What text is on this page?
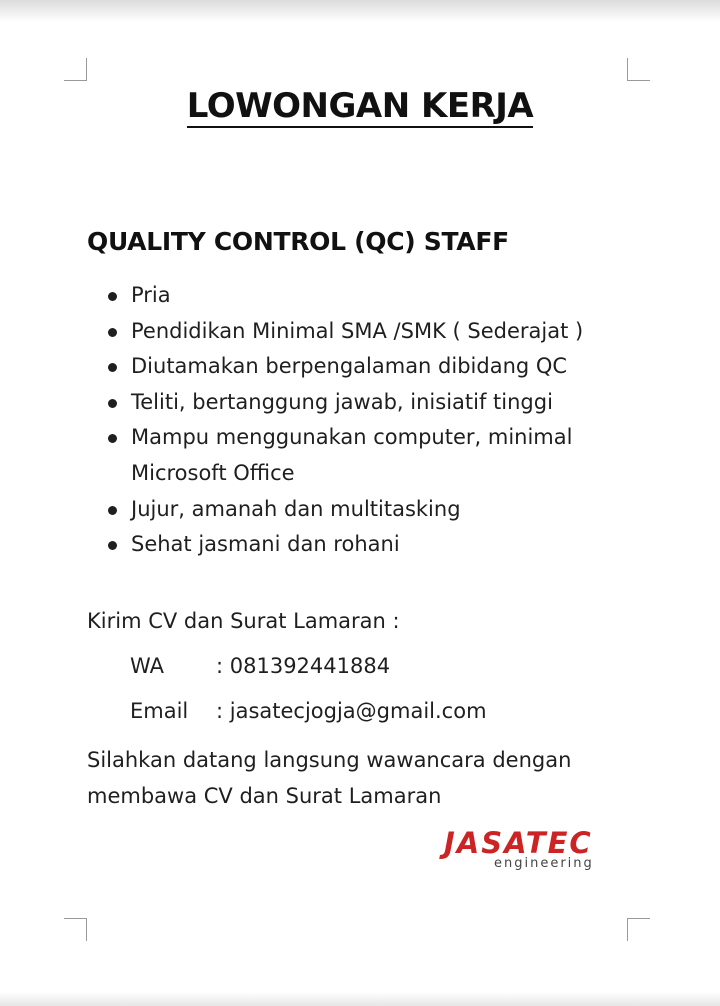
LOWONGAN KERJA
QUALITY CONTROL (QC) STAFF
Pria
Pendidikan Minimal SMA /SMK ( Sederajat )
Diutamakan berpengalaman dibidang QC
Teliti, bertanggung jawab, inisiatif tinggi
Mampu menggunakan computer, minimal Microsoft Office
Jujur, amanah dan multitasking
Sehat jasmani dan rohani
Kirim CV dan Surat Lamaran :
WA : 081392441884
Email : jasatecjogja@gmail.com
Silahkan datang langsung wawancara dengan membawa CV dan Surat Lamaran
JASATEC
engineering
